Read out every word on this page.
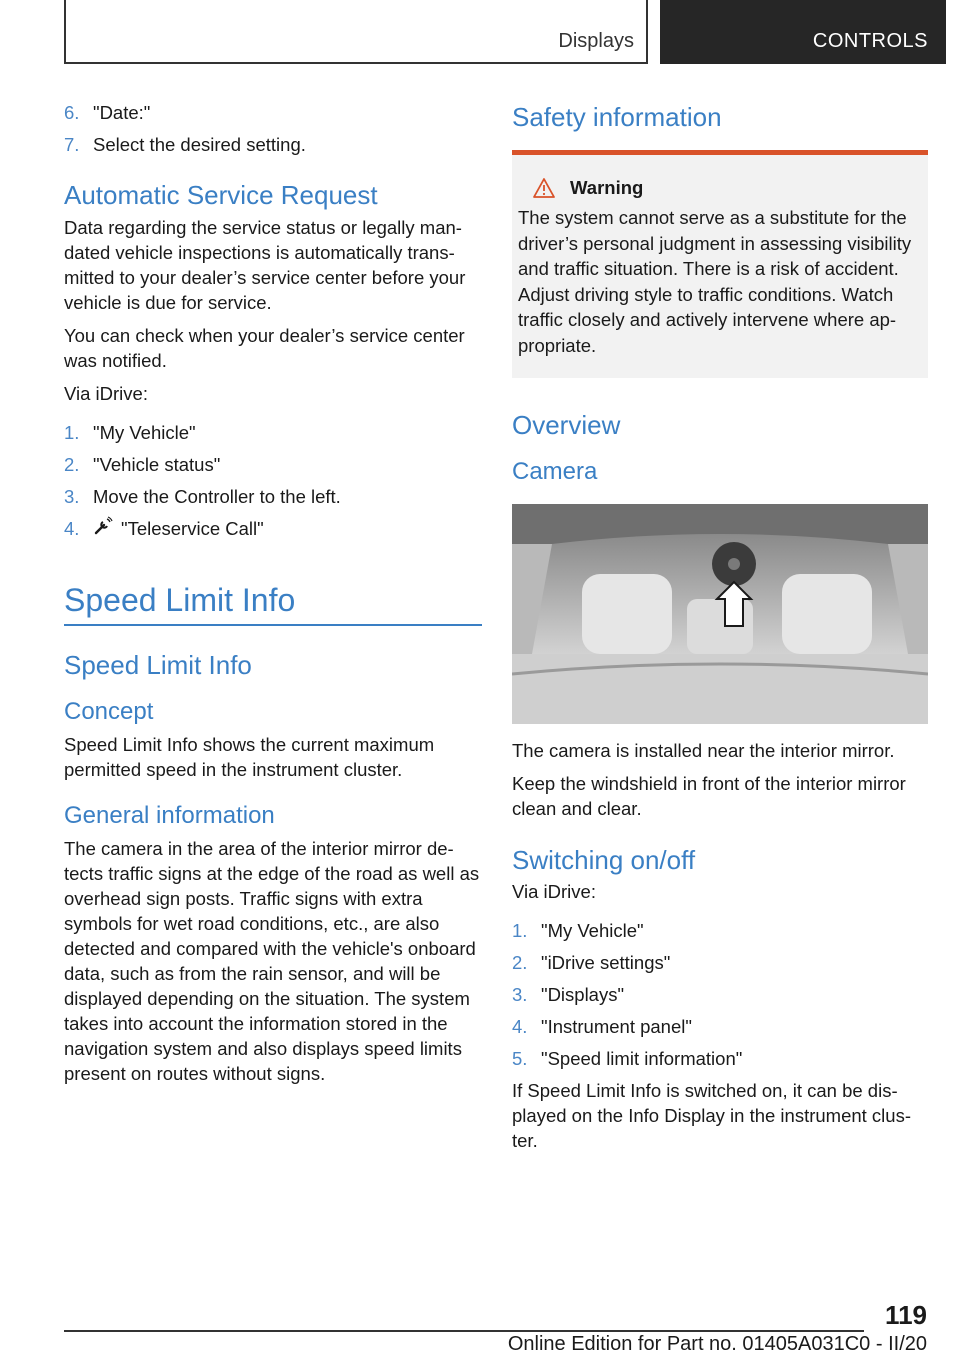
Displays	CONTROLS
6. "Date:"
7. Select the desired setting.
Automatic Service Request

Data regarding the service status or legally mandated vehicle inspections is automatically transmitted to your dealer’s service center before your vehicle is due for service.

You can check when your dealer’s service center was notified.

Via iDrive:

1. "My Vehicle"
2. "Vehicle status"
3. Move the Controller to the left.
4.	"Teleservice Call"
Speed Limit Info
Speed Limit Info
Concept

Speed Limit Info shows the current maximum permitted speed in the instrument cluster.

General information

The camera in the area of the interior mirror detects traffic signs at the edge of the road as well as overhead sign posts. Traffic signs with extra symbols for wet road conditions, etc., are also detected and compared with the vehicle's onboard data, such as from the rain sensor, and will be displayed depending on the situation. The system takes into account the information stored in the navigation system and also displays speed limits present on routes without signs.

Safety information
Warning

The system cannot serve as a substitute for the driver’s personal judgment in assessing visibility and traffic situation. There is a risk of accident. Adjust driving style to traffic conditions. Watch traffic closely and actively intervene where appropriate.

Overview
Camera

The camera is installed near the interior mirror.

Keep the windshield in front of the interior mirror clean and clear.

Switching on/off

Via iDrive:

1. "My Vehicle"
2. "iDrive settings"
3. "Displays"
4. "Instrument panel"
5. "Speed limit information"

If Speed Limit Info is switched on, it can be displayed on the Info Display in the instrument cluster.

119
Online Edition for Part no. 01405A031C0 - II/20
